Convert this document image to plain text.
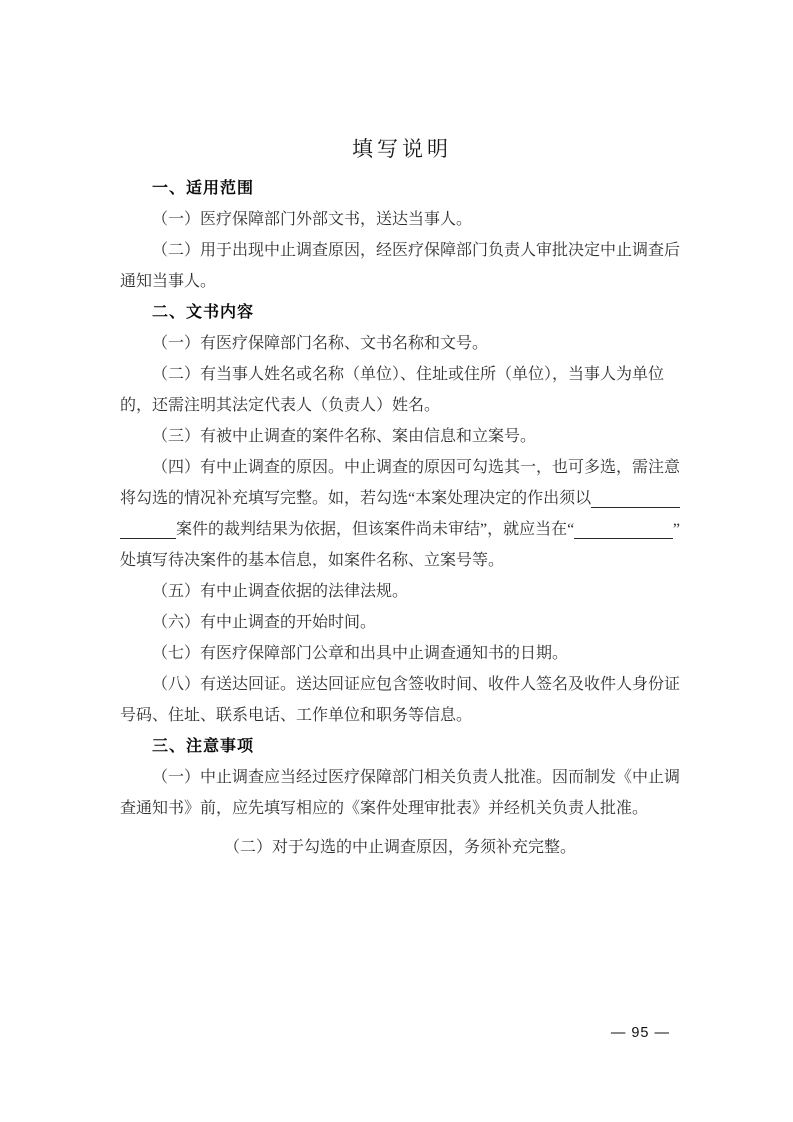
填写说明
一、适用范围
（一）医疗保障部门外部文书，送达当事人。
（二）用于出现中止调查原因，经医疗保障部门负责人审批决定中止调查后
通知当事人。
二、文书内容
（一）有医疗保障部门名称、文书名称和文号。
（二）有当事人姓名或名称（单位）、住址或住所（单位），当事人为单位
的，还需注明其法定代表人（负责人）姓名。
（三）有被中止调查的案件名称、案由信息和立案号。
（四）有中止调查的原因。中止调查的原因可勾选其一，也可多选，需注意
将勾选的情况补充填写完整。如，若勾选“本案处理决定的作出须以
案件的裁判结果为依据，但该案件尚未审结”，就应当在“	”
处填写待决案件的基本信息，如案件名称、立案号等。
（五）有中止调查依据的法律法规。
（六）有中止调查的开始时间。
（七）有医疗保障部门公章和出具中止调查通知书的日期。
（八）有送达回证。送达回证应包含签收时间、收件人签名及收件人身份证
号码、住址、联系电话、工作单位和职务等信息。
三、注意事项
（一）中止调查应当经过医疗保障部门相关负责人批准。因而制发《中止调
查通知书》前，应先填写相应的《案件处理审批表》并经机关负责人批准。
（二）对于勾选的中止调查原因，务须补充完整。
— 95 —
